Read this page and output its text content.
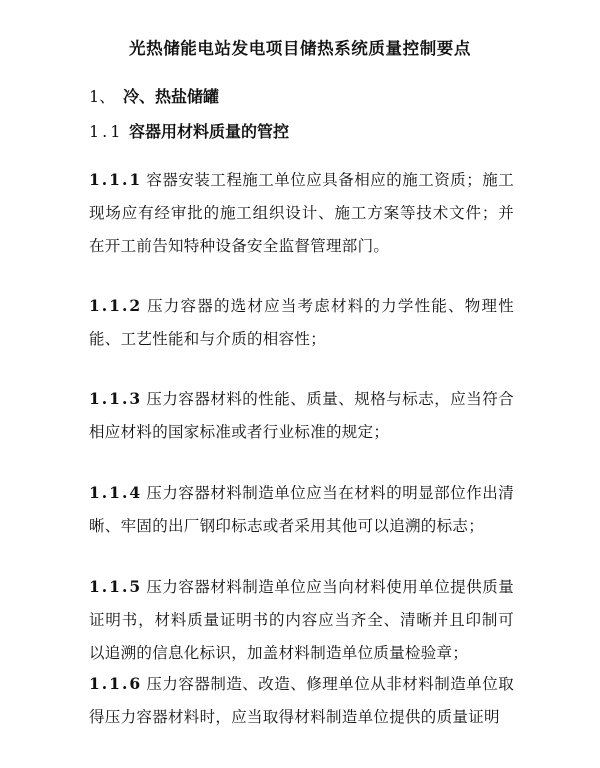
光热储能电站发电项目储热系统质量控制要点
1、 冷、热盐储罐
1.1 容器用材料质量的管控
1.1.1 容器安装工程施工单位应具备相应的施工资质；施工现场应有经审批的施工组织设计、施工方案等技术文件；并在开工前告知特种设备安全监督管理部门。
1.1.2 压力容器的选材应当考虑材料的力学性能、物理性能、工艺性能和与介质的相容性；
1.1.3 压力容器材料的性能、质量、规格与标志，应当符合相应材料的国家标准或者行业标准的规定；
1.1.4 压力容器材料制造单位应当在材料的明显部位作出清晰、牢固的出厂钢印标志或者采用其他可以追溯的标志；
1.1.5 压力容器材料制造单位应当向材料使用单位提供质量证明书，材料质量证明书的内容应当齐全、清晰并且印制可以追溯的信息化标识，加盖材料制造单位质量检验章；
1.1.6 压力容器制造、改造、修理单位从非材料制造单位取得压力容器材料时，应当取得材料制造单位提供的质量证明
